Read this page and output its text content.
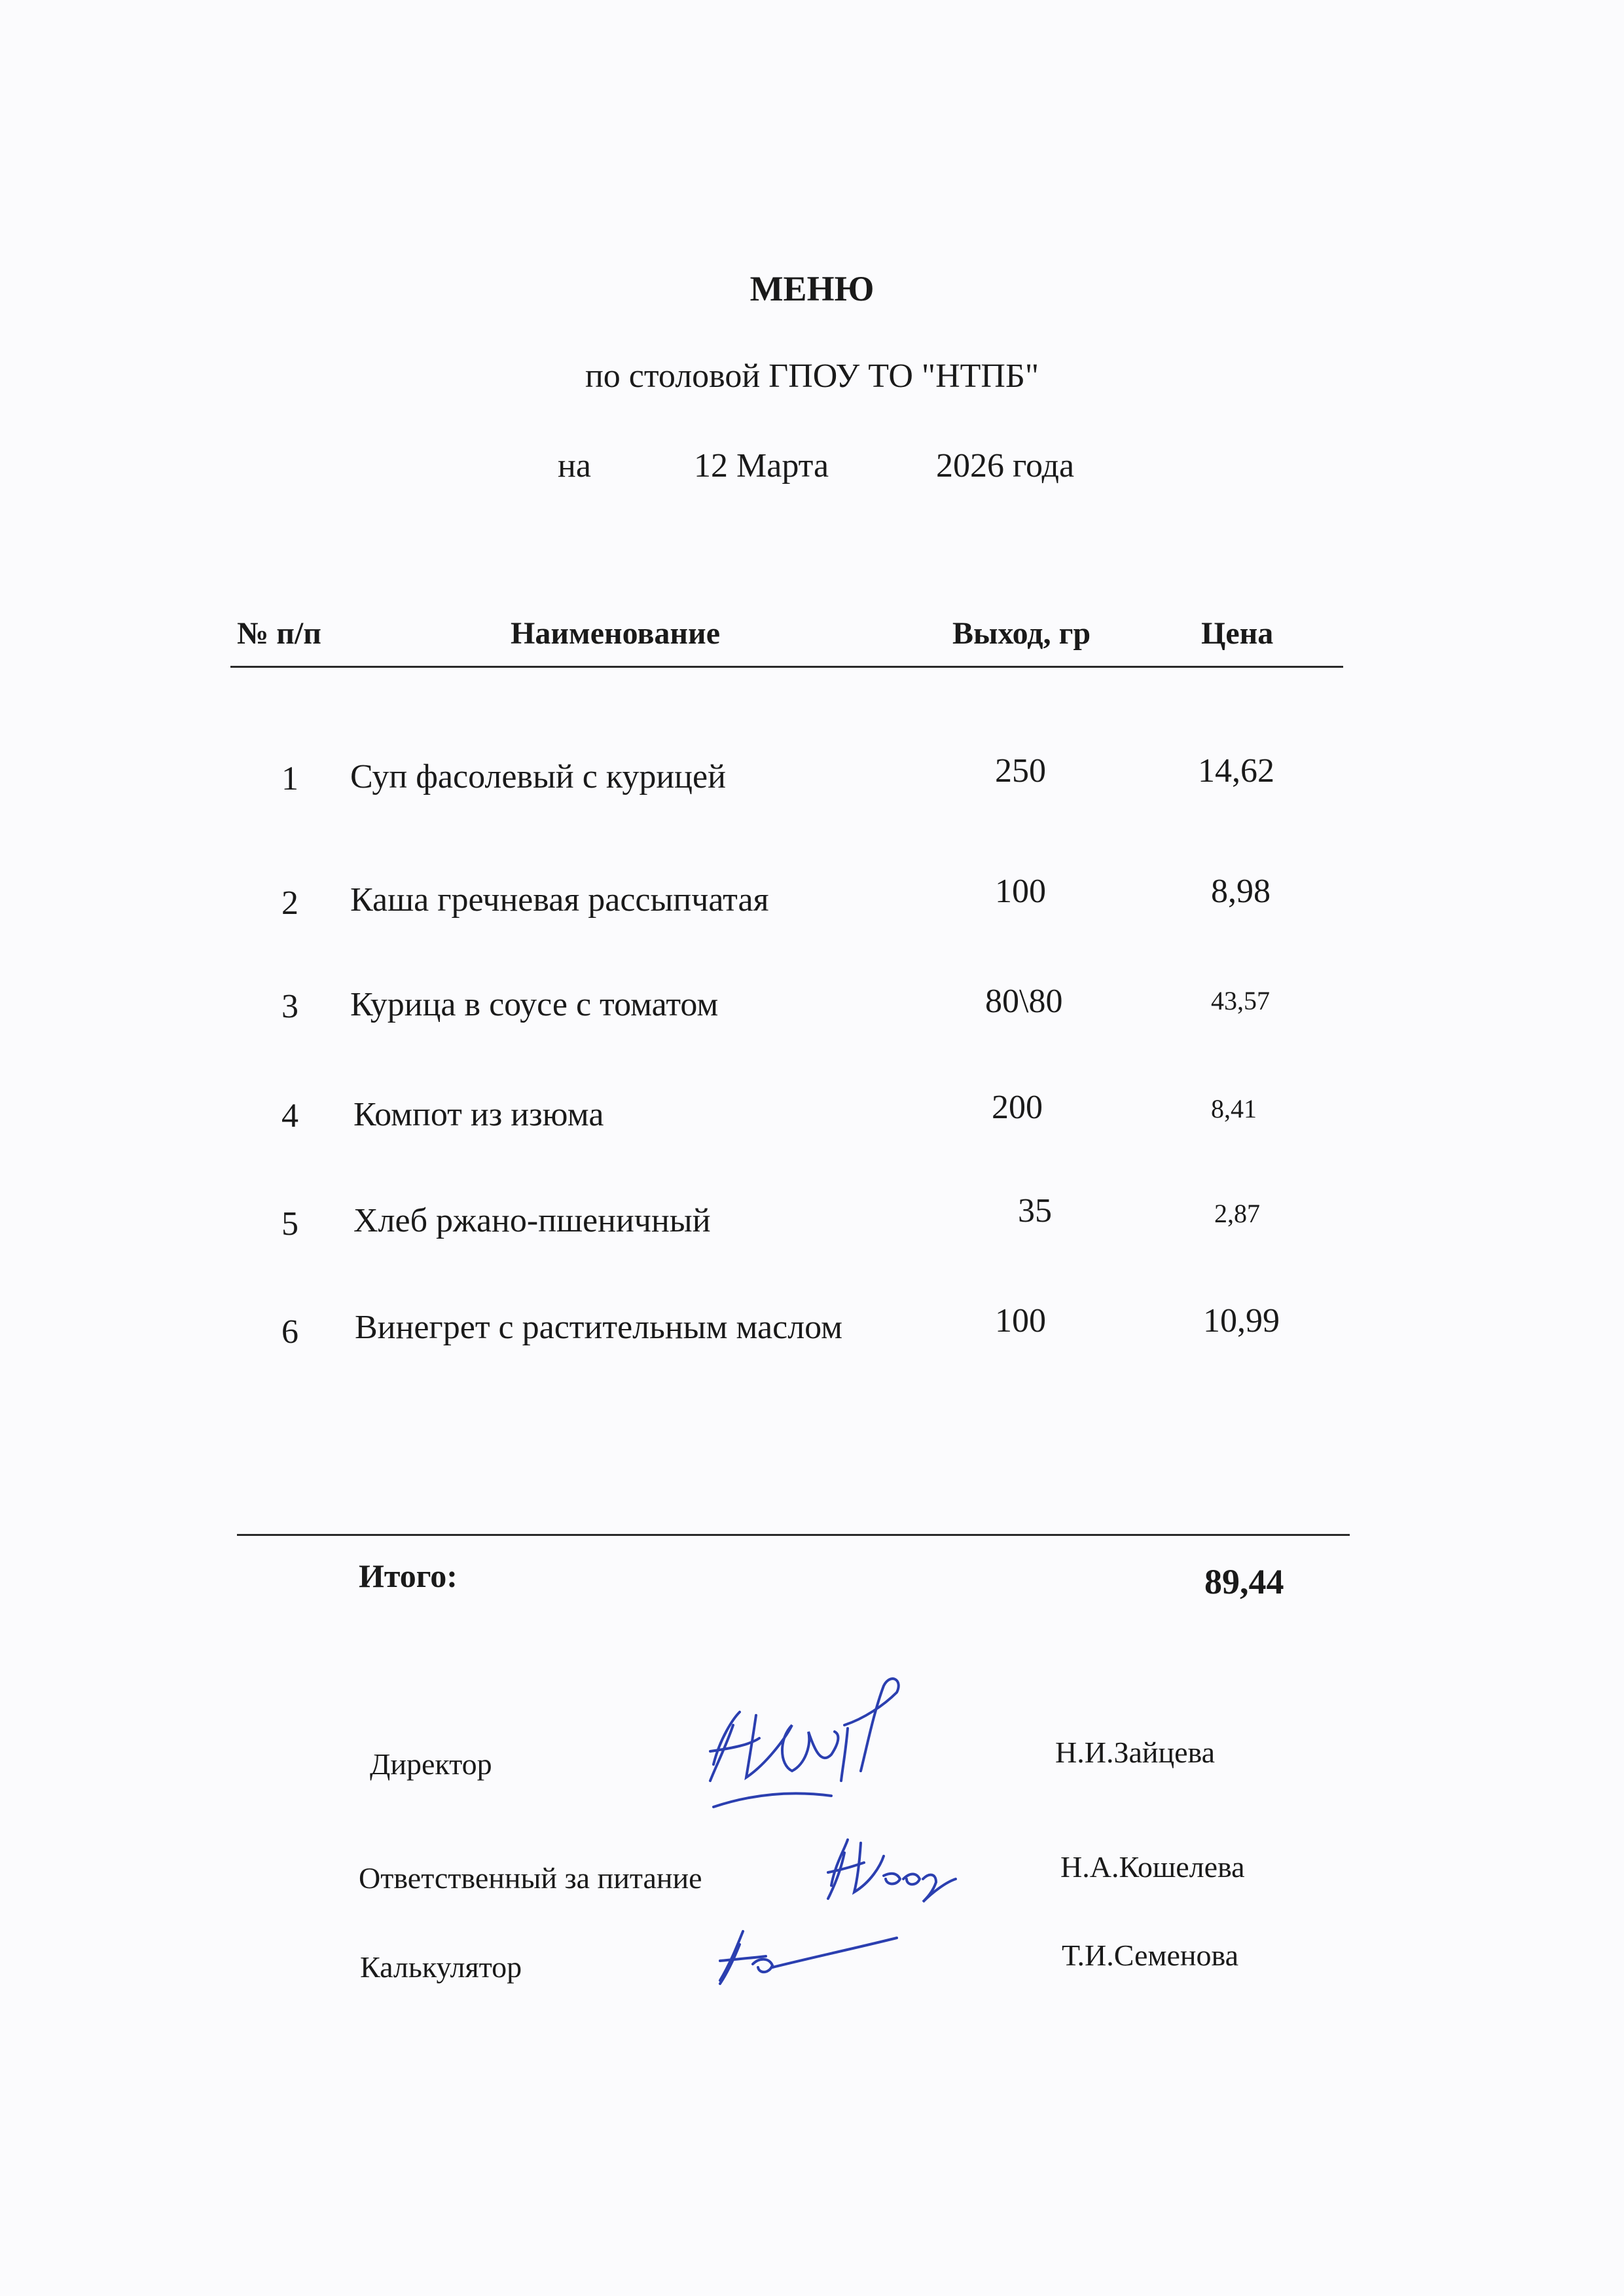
МЕНЮ
по столовой ГПОУ ТО "НТПБ"
на	12 Марта	2026 года
№ п/п	Наименование	Выход, гр	Цена
1 Суп фасолевый с курицей	250	14,62
2 Каша гречневая рассыпчатая	100	8,98
3 Курица в соусе с томатом	80\80	43,57
4 Компот из изюма	200	8,41
5 Хлеб ржано-пшеничный	35	2,87
6 Винегрет с растительным маслом	100	10,99
Итого:	89,44
Директор	Н.И.Зайцева
Ответственный за питание	Н.А.Кошелева
Калькулятор	Т.И.Семенова
